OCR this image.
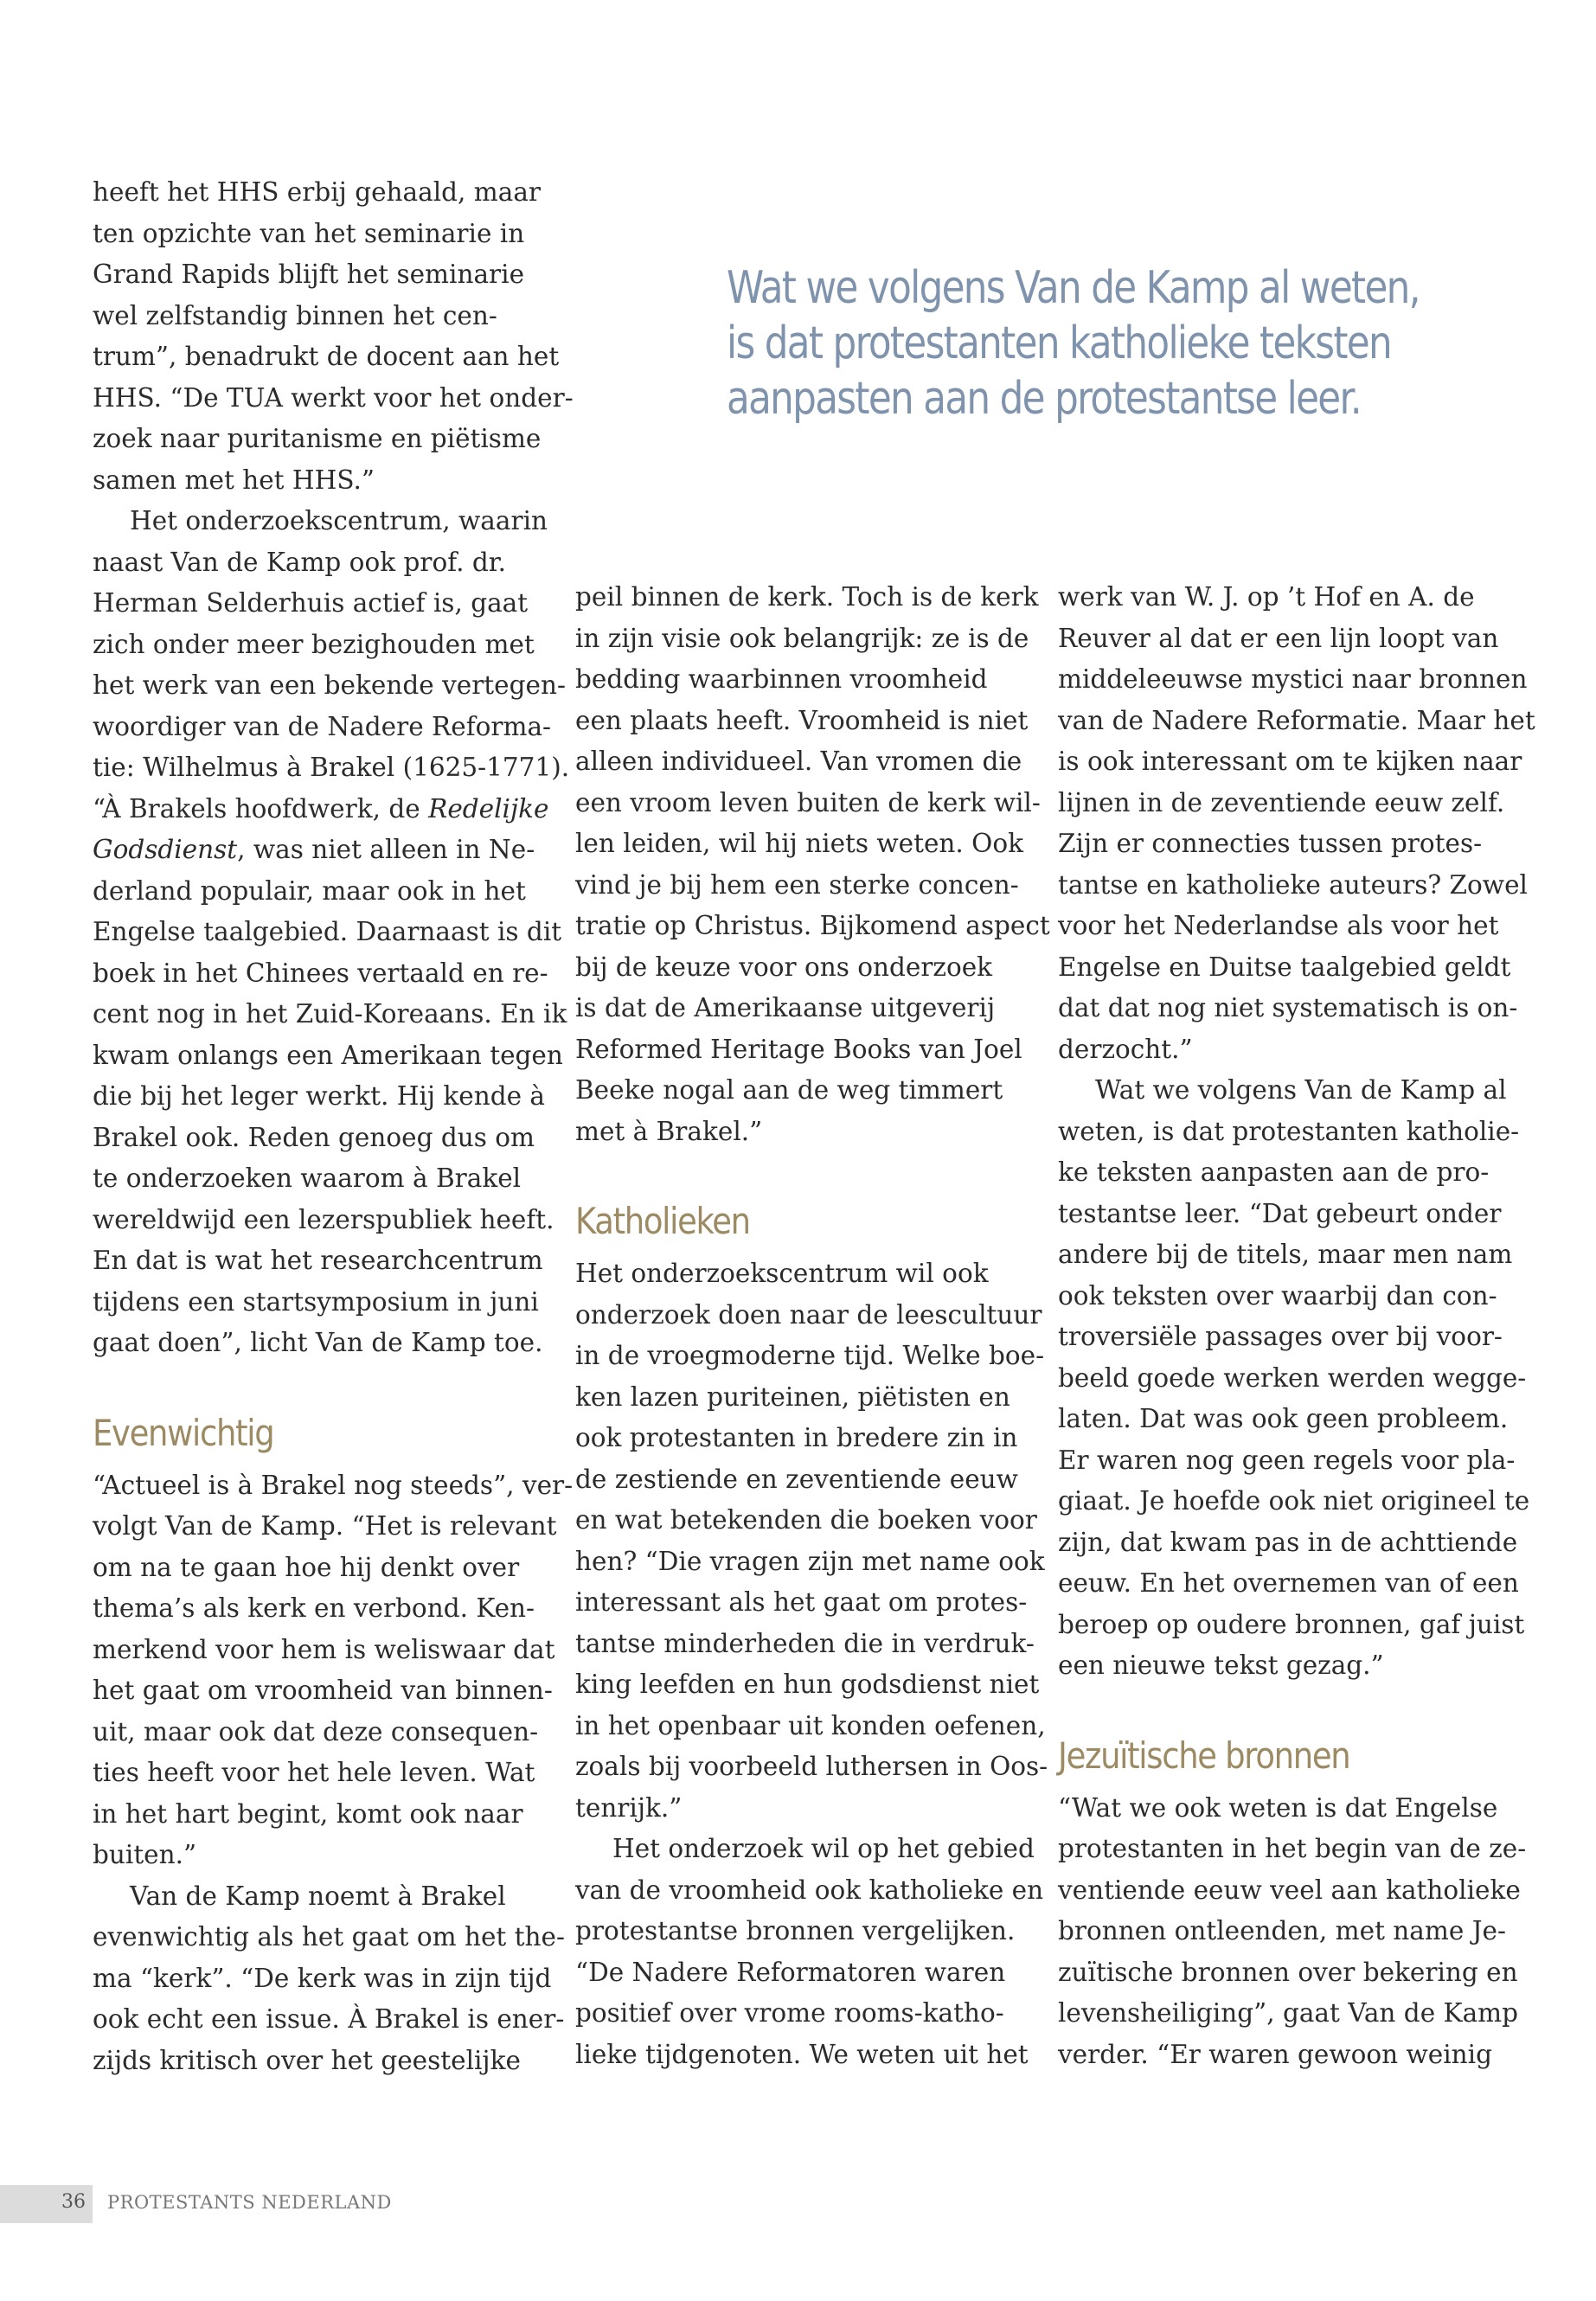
Wat we volgens Van de Kamp al weten,

is dat protestanten katholieke teksten

aanpasten aan de protestantse leer.

heeft het HHS erbij gehaald, maar

ten opzichte van het seminarie in

Grand Rapids blijft het seminarie

wel zelfstandig binnen het cen-

trum”, benadrukt de docent aan het

HHS. “De TUA werkt voor het onder-

zoek naar puritanisme en piëtisme

samen met het HHS.”

Het onderzoekscentrum, waarin

naast Van de Kamp ook prof. dr.

Herman Selderhuis actief is, gaat

zich onder meer bezighouden met

het werk van een bekende vertegen-

woordiger van de Nadere Reforma-

tie: Wilhelmus à Brakel (1625-1771).

“À Brakels hoofdwerk, de Redelijke

Godsdienst, was niet alleen in Ne-

derland populair, maar ook in het

Engelse taalgebied. Daarnaast is dit

boek in het Chinees vertaald en re-

cent nog in het Zuid-Koreaans. En ik

kwam onlangs een Amerikaan tegen

die bij het leger werkt. Hij kende à

Brakel ook. Reden genoeg dus om

te onderzoeken waarom à Brakel

wereldwijd een lezerspubliek heeft.

En dat is wat het researchcentrum

tijdens een startsymposium in juni

gaat doen”, licht Van de Kamp toe.

Evenwichtig

“Actueel is à Brakel nog steeds”, ver-

volgt Van de Kamp. “Het is relevant

om na te gaan hoe hij denkt over

thema’s als kerk en verbond. Ken-

merkend voor hem is weliswaar dat

het gaat om vroomheid van binnen-

uit, maar ook dat deze consequen-

ties heeft voor het hele leven. Wat

in het hart begint, komt ook naar

buiten.”

Van de Kamp noemt à Brakel

evenwichtig als het gaat om het the-

ma “kerk”. “De kerk was in zijn tijd

ook echt een issue. À Brakel is ener-

zijds kritisch over het geestelijke

peil binnen de kerk. Toch is de kerk

in zijn visie ook belangrijk: ze is de

bedding waarbinnen vroomheid

een plaats heeft. Vroomheid is niet

alleen individueel. Van vromen die

een vroom leven buiten de kerk wil-

len leiden, wil hij niets weten. Ook

vind je bij hem een sterke concen-

tratie op Christus. Bijkomend aspect

bij de keuze voor ons onderzoek

is dat de Amerikaanse uitgeverij

Reformed Heritage Books van Joel

Beeke nogal aan de weg timmert

met à Brakel.”

Katholieken

Het onderzoekscentrum wil ook

onderzoek doen naar de leescultuur

in de vroegmoderne tijd. Welke boe-

ken lazen puriteinen, piëtisten en

ook protestanten in bredere zin in

de zestiende en zeventiende eeuw

en wat betekenden die boeken voor

hen? “Die vragen zijn met name ook

interessant als het gaat om protes-

tantse minderheden die in verdruk-

king leefden en hun godsdienst niet

in het openbaar uit konden oefenen,

zoals bij voorbeeld luthersen in Oos-

tenrijk.”

Het onderzoek wil op het gebied

van de vroomheid ook katholieke en

protestantse bronnen vergelijken.

“De Nadere Reformatoren waren

positief over vrome rooms-katho-

lieke tijdgenoten. We weten uit het

werk van W. J. op ’t Hof en A. de

Reuver al dat er een lijn loopt van

middeleeuwse mystici naar bronnen

van de Nadere Reformatie. Maar het

is ook interessant om te kijken naar

lijnen in de zeventiende eeuw zelf.

Zijn er connecties tussen protes-

tantse en katholieke auteurs? Zowel

voor het Nederlandse als voor het

Engelse en Duitse taalgebied geldt

dat dat nog niet systematisch is on-

derzocht.”

Wat we volgens Van de Kamp al

weten, is dat protestanten katholie-

ke teksten aanpasten aan de pro-

testantse leer. “Dat gebeurt onder

andere bij de titels, maar men nam

ook teksten over waarbij dan con-

troversiële passages over bij voor-

beeld goede werken werden wegge-

laten. Dat was ook geen probleem.

Er waren nog geen regels voor pla-

giaat. Je hoefde ook niet origineel te

zijn, dat kwam pas in de achttiende

eeuw. En het overnemen van of een

beroep op oudere bronnen, gaf juist

een nieuwe tekst gezag.”

Jezuïtische bronnen

“Wat we ook weten is dat Engelse

protestanten in het begin van de ze-

ventiende eeuw veel aan katholieke

bronnen ontleenden, met name Je-

zuïtische bronnen over bekering en

levensheiliging”, gaat Van de Kamp

verder. “Er waren gewoon weinig

36 PROTESTANTS NEDERLAND
